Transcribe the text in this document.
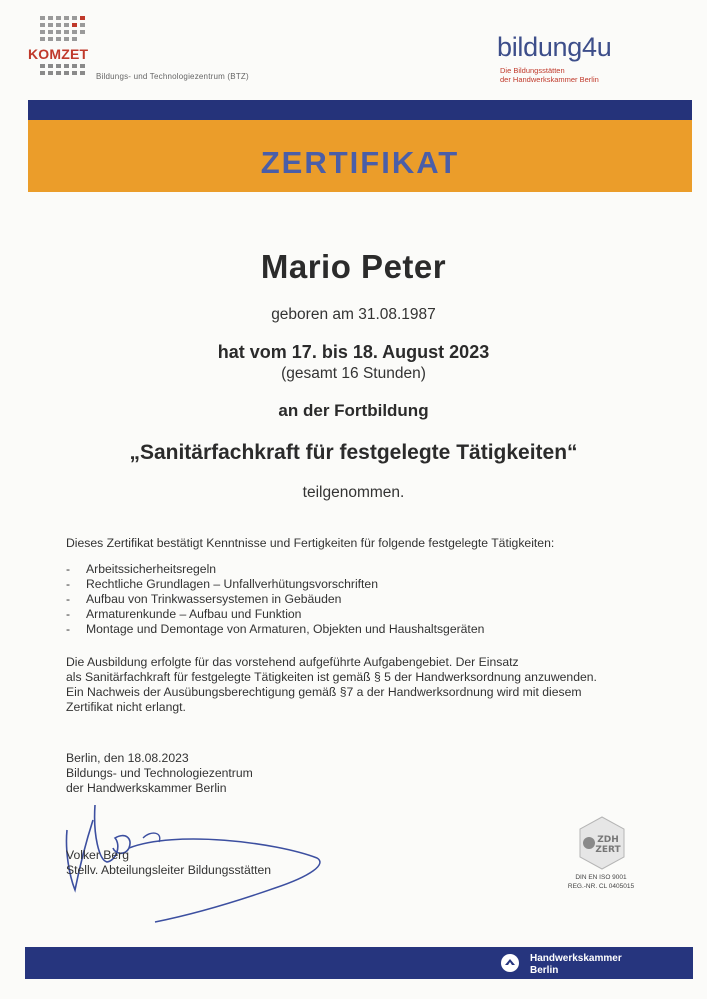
KOMZET
Bildungs- und Technologiezentrum (BTZ)
bildung4u
Die Bildungsstätten
der Handwerkskammer Berlin
ZERTIFIKAT
Mario Peter
geboren am 31.08.1987
hat vom 17. bis 18. August 2023
(gesamt 16 Stunden)
an der Fortbildung
„Sanitärfachkraft für festgelegte Tätigkeiten“
teilgenommen.
Dieses Zertifikat bestätigt Kenntnisse und Fertigkeiten für folgende festgelegte Tätigkeiten:
- Arbeitssicherheitsregeln
- Rechtliche Grundlagen – Unfallverhütungsvorschriften
- Aufbau von Trinkwassersystemen in Gebäuden
- Armaturenkunde – Aufbau und Funktion
- Montage und Demontage von Armaturen, Objekten und Haushaltsgeräten
Die Ausbildung erfolgte für das vorstehend aufgeführte Aufgabengebiet. Der Einsatz
als Sanitärfachkraft für festgelegte Tätigkeiten ist gemäß § 5 der Handwerksordnung anzuwenden.
Ein Nachweis der Ausübungsberechtigung gemäß §7 a der Handwerksordnung wird mit diesem
Zertifikat nicht erlangt.
Berlin, den 18.08.2023
Bildungs- und Technologiezentrum
der Handwerkskammer Berlin
Volker Berg
Stellv. Abteilungsleiter Bildungsstätten
ZDH
ZERT
DIN EN ISO 9001
REG.-NR. CL 0405015
Handwerkskammer
Berlin
